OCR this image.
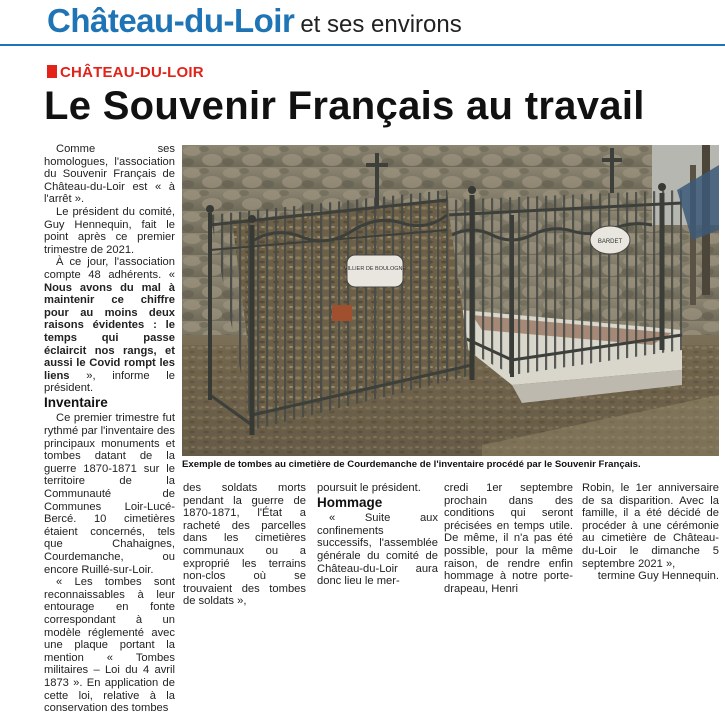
Château-du-Loir et ses environs
CHÂTEAU-DU-LOIR
Le Souvenir Français au travail

Comme ses homologues, l'association du Souvenir Français de Château-du-Loir est « à l'arrêt ».

Le président du comité, Guy Hennequin, fait le point après ce premier trimestre de 2021.

À ce jour, l'association compte 48 adhérents. « Nous avons du mal à maintenir ce chiffre pour au moins deux raisons évidentes : le temps qui passe éclaircit nos rangs, et aussi le Covid rompt les liens », informe le président.

Inventaire

Ce premier trimestre fut rythmé par l'inventaire des principaux monuments et tombes datant de la guerre 1870-1871 sur le territoire de la Communauté de Communes Loir-Lucé-Bercé. 10 cimetières étaient concernés, tels que Chahaignes, Courdemanche, ou encore Ruillé-sur-Loir.

« Les tombes sont reconnaissables à leur entourage en fonte correspondant à un modèle réglementé avec une plaque portant la mention « Tombes militaires – Loi du 4 avril 1873 ». En application de cette loi, relative à la conservation des tombes

BARDET
VILLIER DE BOULOGNE
Exemple de tombes au cimetière de Courdemanche de l'inventaire procédé par le Souvenir Français.

des soldats morts pendant la guerre de 1870-1871, l'État a racheté des parcelles dans les cimetières communaux ou a exproprié les terrains non-clos où se trouvaient des tombes de soldats »,

poursuit le président.

Hommage

« Suite aux confinements successifs, l'assemblée générale du comité de Château-du-Loir aura donc lieu le mer-

credi 1er septembre prochain dans des conditions qui seront précisées en temps utile. De même, il n'a pas été possible, pour la même raison, de rendre enfin hommage à notre porte-drapeau, Henri

Robin, le 1er anniversaire de sa disparition. Avec la famille, il a été décidé de procéder à une cérémonie au cimetière de Château-du-Loir le dimanche 5 septembre 2021 »,

termine Guy Hennequin.
